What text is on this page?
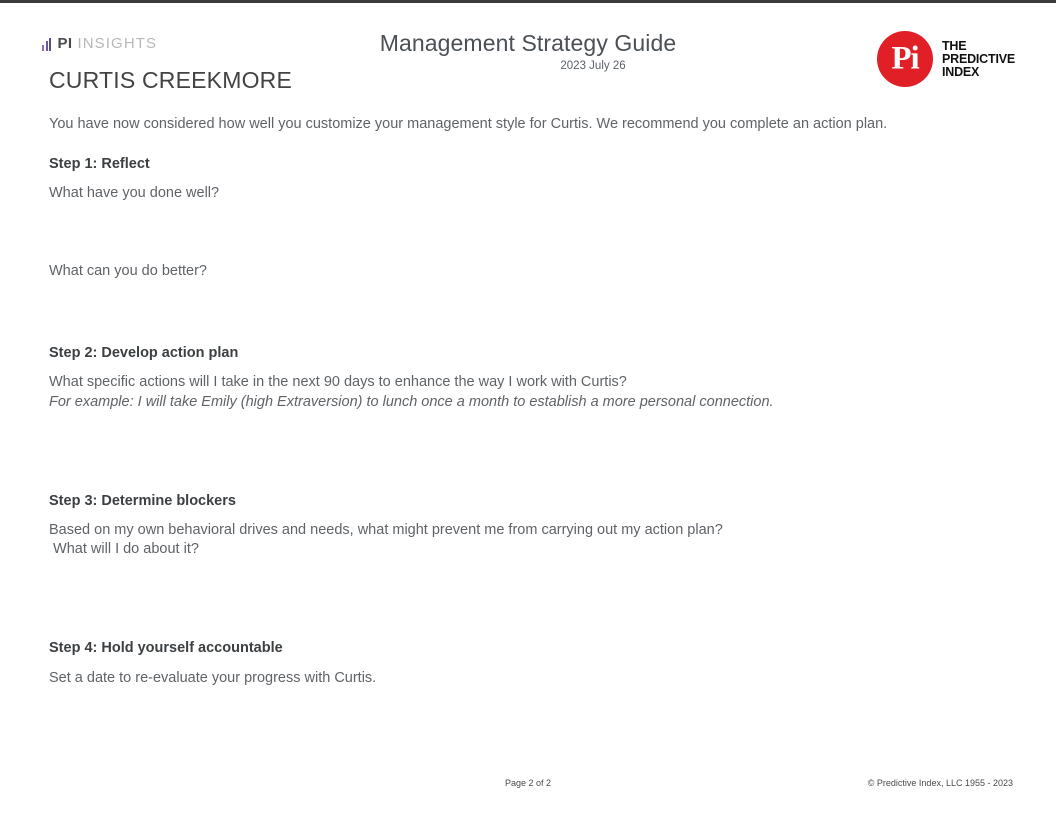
PI INSIGHTS	Management Strategy Guide
2023 July 26	Pi	THE
PREDICTIVE
INDEX
CURTIS CREEKMORE

You have now considered how well you customize your management style for Curtis. We recommend you complete an action plan.

Step 1: Reflect

What have you done well?

What can you do better?

Step 2: Develop action plan

What specific actions will I take in the next 90 days to enhance the way I work with Curtis?

For example: I will take Emily (high Extraversion) to lunch once a month to establish a more personal connection.

Step 3: Determine blockers

Based on my own behavioral drives and needs, what might prevent me from carrying out my action plan?

What will I do about it?

Step 4: Hold yourself accountable

Set a date to re-evaluate your progress with Curtis.

Page 2 of 2	© Predictive Index, LLC 1955 - 2023
